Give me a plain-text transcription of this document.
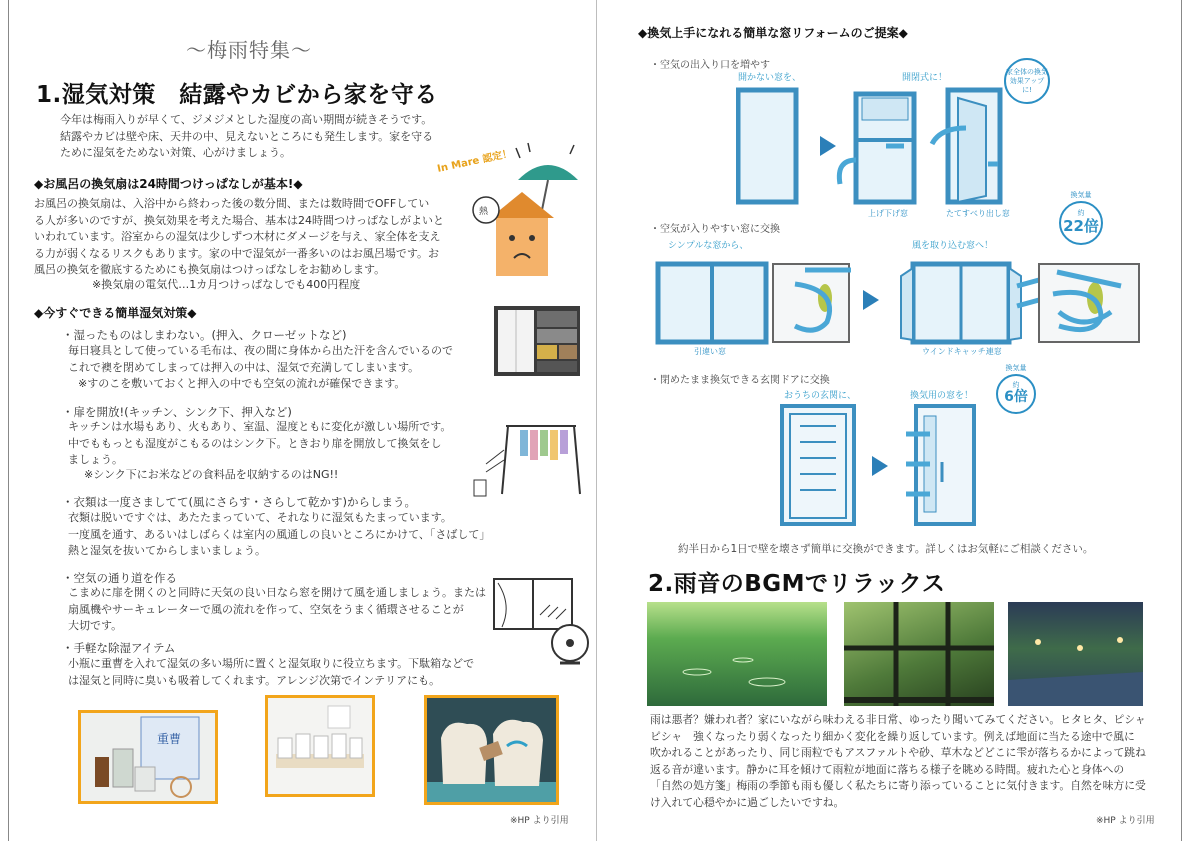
〜梅雨特集〜
1.湿気対策　結露やカビから家を守る
今年は梅雨入りが早くて、ジメジメとした湿度の高い期間が続きそうです。
結露やカビは壁や床、天井の中、見えないところにも発生します。家を守る
ために湿気をためない対策、心がけましょう。
◆お風呂の換気扇は24時間つけっぱなしが基本!◆
お風呂の換気扇は、入浴中から終わった後の数分間、または数時間でOFFしてい
る人が多いのですが、換気効果を考えた場合、基本は24時間つけっぱなしがよいと
いわれています。浴室からの湿気は少しずつ木材にダメージを与え、家全体を支え
る力が弱くなるリスクもあります。家の中で湿気が一番多いのはお風呂場です。お
風呂の換気を徹底するためにも換気扇はつけっぱなしをお勧めします。
※換気扇の電気代…1カ月つけっぱなしでも400円程度
In Mare 認定！
熱
◆今すぐできる簡単湿気対策◆
・湿ったものはしまわない。(押入、クローゼットなど)
毎日寝具として使っている毛布は、夜の間に身体から出た汗を含んでいるので
これで襖を閉めてしまっては押入の中は、湿気で充満してしまいます。
※すのこを敷いておくと押入の中でも空気の流れが確保できます。
・扉を開放!(キッチン、シンク下、押入など)
キッチンは水場もあり、火もあり、室温、湿度ともに変化が激しい場所です。
中でももっとも湿度がこもるのはシンク下。ときおり扉を開放して換気をし
ましょう。
※シンク下にお米などの食料品を収納するのはNG!!
・衣類は一度さましてて(風にさらす・さらして乾かす)からしまう。
衣類は脱いですぐは、あたたまっていて、それなりに湿気もたまっています。
一度風を通す、あるいはしばらくは室内の風通しの良いところにかけて、「さばして」
熱と湿気を抜いてからしまいましょう。
・空気の通り道を作る
こまめに扉を開くのと同時に天気の良い日なら窓を開けて風を通しましょう。または
扇風機やサーキュレーターで風の流れを作って、空気をうまく循環させることが
大切です。
・手軽な除湿アイテム
小瓶に重曹を入れて湿気の多い場所に置くと湿気取りに役立ちます。下駄箱などで
は湿気と同時に臭いも吸着してくれます。アレンジ次第でインテリアにも。
重曹
※HP より引用
◆換気上手になれる簡単な窓リフォームのご提案◆
・空気の出入り口を増やす
開かない窓を、	開閉式に！
家全体の換気効果アップに!
上げ下げ窓	たてすべり出し窓
・空気が入りやすい窓に交換
シンプルな窓から、	風を取り込む窓へ！
換気量
約
22倍
引違い窓	ウインドキャッチ連窓
・閉めたまま換気できる玄関ドアに交換
おうちの玄関に、	換気用の窓を！
換気量
約
6倍
約半日から1日で壁を壊さず簡単に交換ができます。詳しくはお気軽にご相談ください。
2.雨音のBGMでリラックス
雨は悪者？嫌われ者？家にいながら味わえる非日常、ゆったり聞いてみてください。ヒタヒタ、ピシャ
ピシャ　強くなったり弱くなったり細かく変化を繰り返しています。例えば地面に当たる途中で風に
吹かれることがあったり、同じ雨粒でもアスファルトや砂、草木などどこに雫が落ちるかによって跳ね
返る音が違います。静かに耳を傾けて雨粒が地面に落ちる様子を眺める時間。疲れた心と身体への
「自然の処方箋」梅雨の季節も雨も優しく私たちに寄り添っていることに気付きます。自然を味方に受
け入れて心穏やかに過ごしたいですね。
※HP より引用
